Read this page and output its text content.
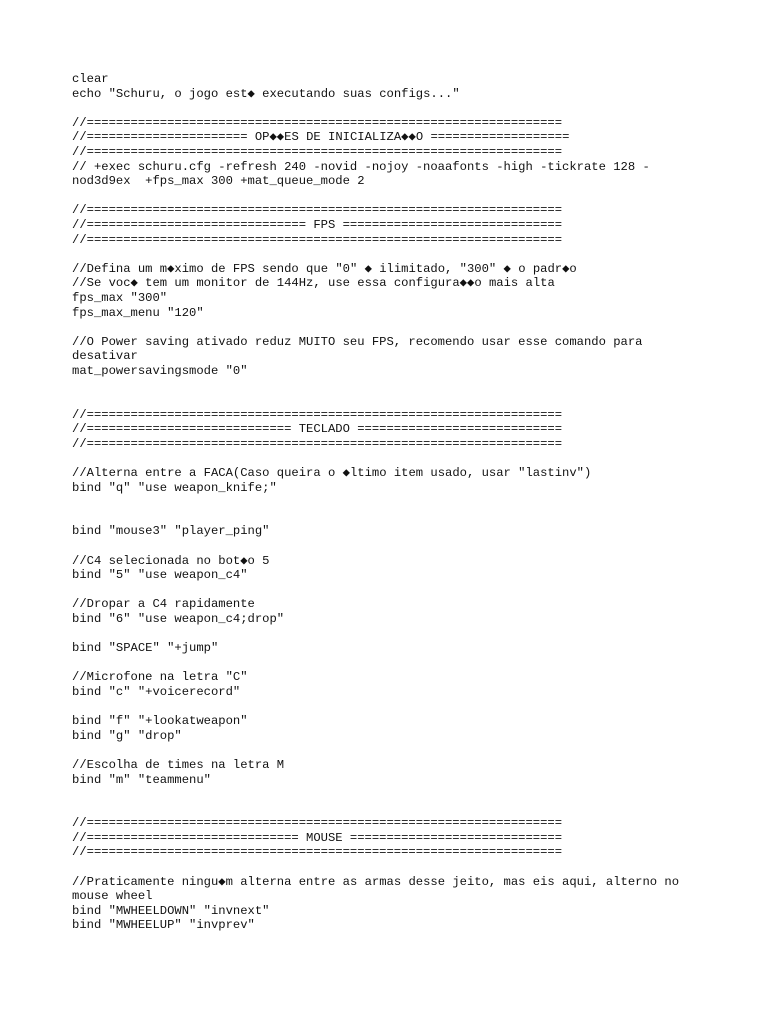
clear
echo "Schuru, o jogo est◆ executando suas configs..."
//=================================================================
//====================== OP◆◆ES DE INICIALIZA◆◆O ===================
//=================================================================
// +exec schuru.cfg -refresh 240 -novid -nojoy -noaafonts -high -tickrate 128 -
nod3d9ex  +fps_max 300 +mat_queue_mode 2
//=================================================================
//============================== FPS ==============================
//=================================================================
//Defina um m◆ximo de FPS sendo que "0" ◆ ilimitado, "300" ◆ o padr◆o
//Se voc◆ tem um monitor de 144Hz, use essa configura◆◆o mais alta
fps_max "300"
fps_max_menu "120"
//O Power saving ativado reduz MUITO seu FPS, recomendo usar esse comando para
desativar
mat_powersavingsmode "0"
//=================================================================
//============================ TECLADO ============================
//=================================================================
//Alterna entre a FACA(Caso queira o ◆ltimo item usado, usar "lastinv")
bind "q" "use weapon_knife;"
bind "mouse3" "player_ping"
//C4 selecionada no bot◆o 5
bind "5" "use weapon_c4"
//Dropar a C4 rapidamente
bind "6" "use weapon_c4;drop"
bind "SPACE" "+jump"
//Microfone na letra "C"
bind "c" "+voicerecord"
bind "f" "+lookatweapon"
bind "g" "drop"
//Escolha de times na letra M
bind "m" "teammenu"
//=================================================================
//============================= MOUSE =============================
//=================================================================
//Praticamente ningu◆m alterna entre as armas desse jeito, mas eis aqui, alterno no
mouse wheel
bind "MWHEELDOWN" "invnext"
bind "MWHEELUP" "invprev"
